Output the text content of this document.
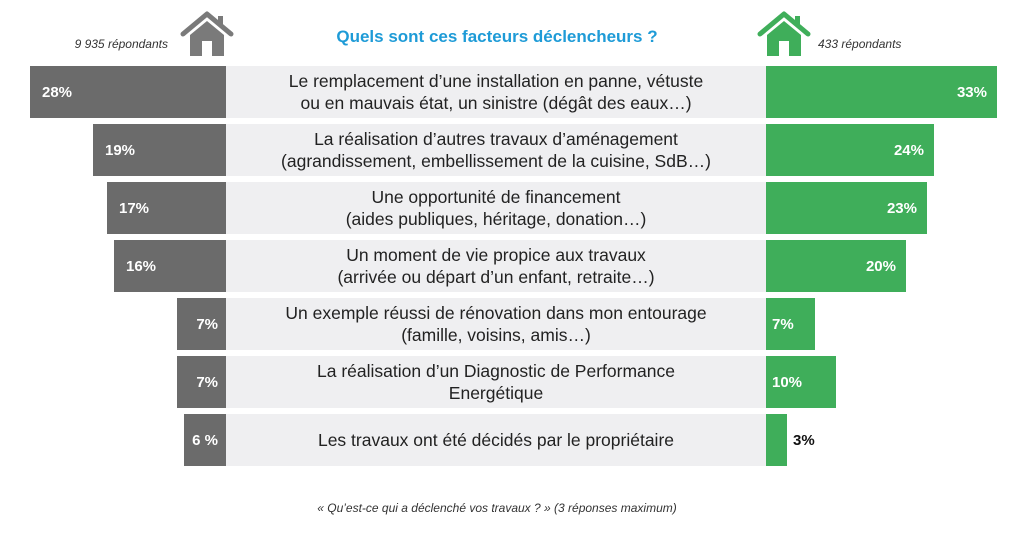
Quels sont ces facteurs déclencheurs ?
9 935 répondants	433 répondants
Le remplacement d’une installation en panne, vétuste
ou en mauvais état, un sinistre (dégât des eaux…)
28%	33%
La réalisation d’autres travaux d’aménagement
(agrandissement, embellissement de la cuisine, SdB…)
19%	24%
Une opportunité de financement
(aides publiques, héritage, donation…)
17%	23%
Un moment de vie propice aux travaux
(arrivée ou départ d’un enfant, retraite…)
16%	20%
Un exemple réussi de rénovation dans mon entourage
(famille, voisins, amis…)
7%	7%
La réalisation d’un Diagnostic de Performance
Energétique
7%	10%
Les travaux ont été décidés par le propriétaire
6 %	3%
« Qu’est-ce qui a déclenché vos travaux ? » (3 réponses maximum)
